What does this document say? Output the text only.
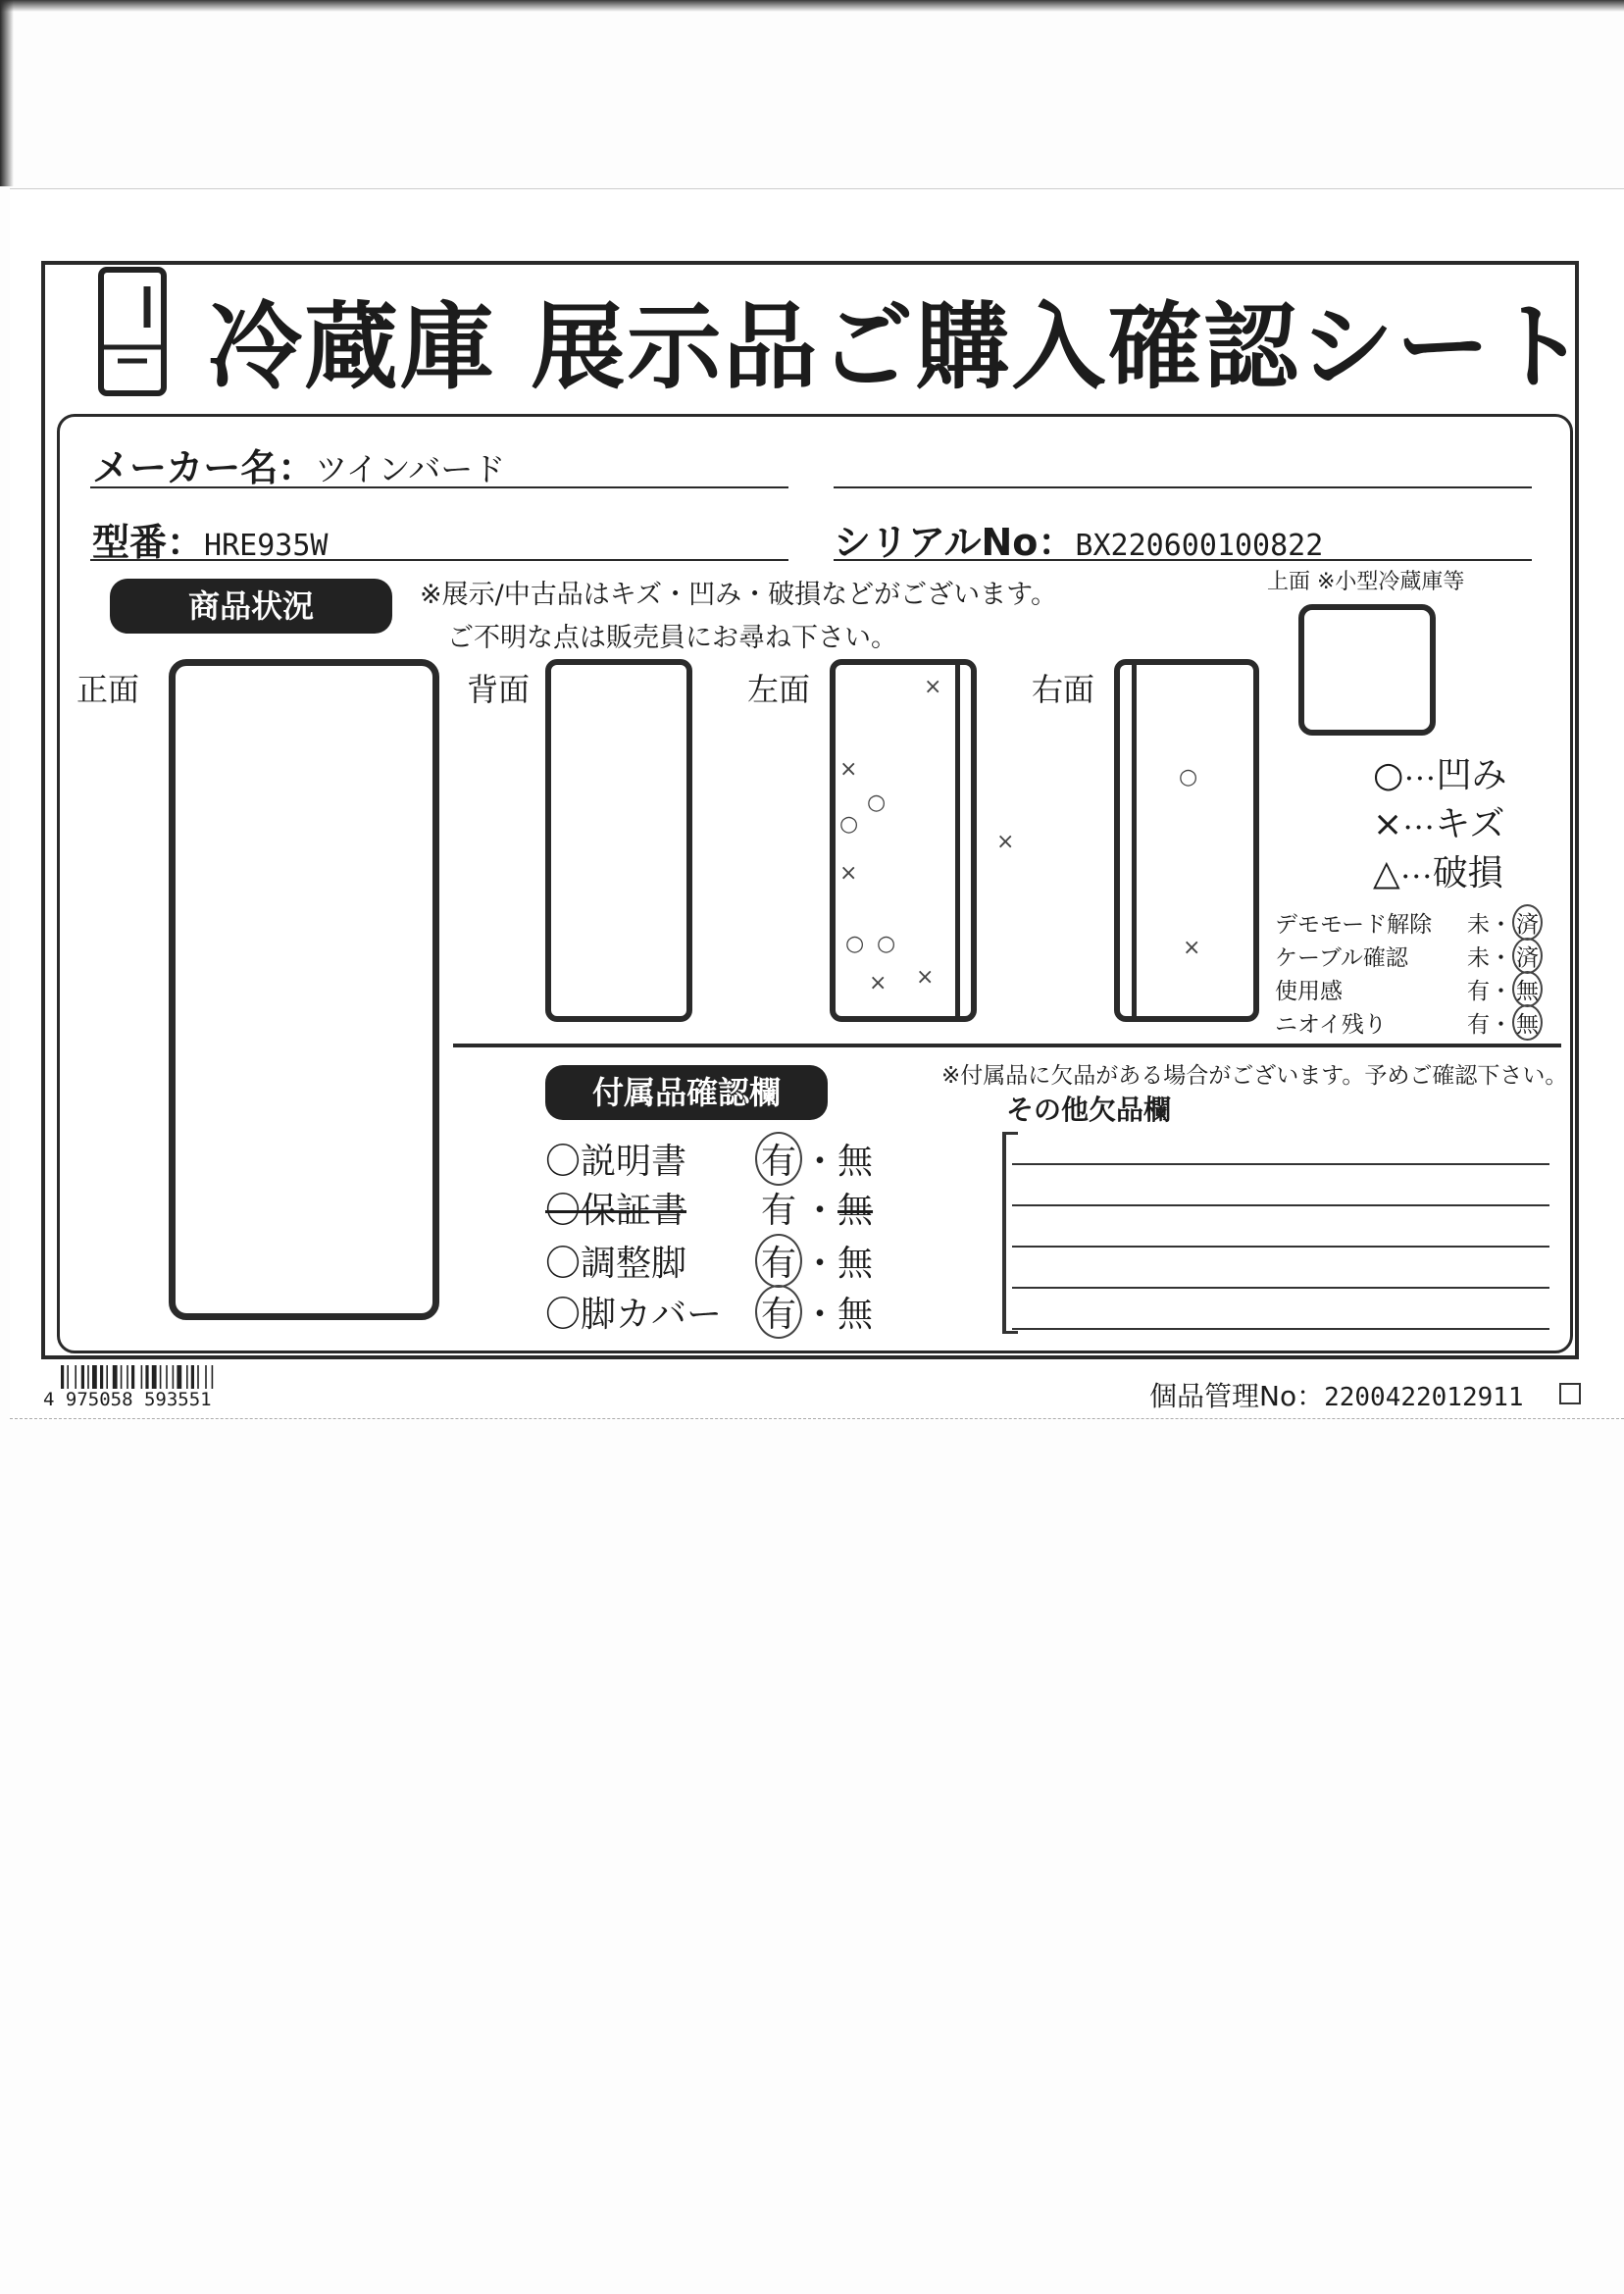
冷蔵庫 展示品ご購入確認シート
メーカー名：ツインバード
型番：HRE935W	シリアルNo：BX220600100822
商品状況	※展示/中古品はキズ・凹み・破損などがございます。
ご不明な点は販売員にお尋ね下さい。
上面 ※小型冷蔵庫等
正面	背面	左面	右面
×
×
○
○
×
○ ○
× ×
×
○
×
○･･･凹み
×･･･キズ
△･･･破損
デモモード解除 未・ 済
ケーブル確認	未・ 済
使用感	有・ 無
ニオイ残り	有・ 無
付属品確認欄	※付属品に欠品がある場合がございます。予めご確認下さい。
その他欠品欄
〇説明書 有 ・無
〇保証書 有 ・無
〇調整脚 有 ・無
〇脚カバー 有 ・無
4 975058 593551	個品管理No：2200422012911
